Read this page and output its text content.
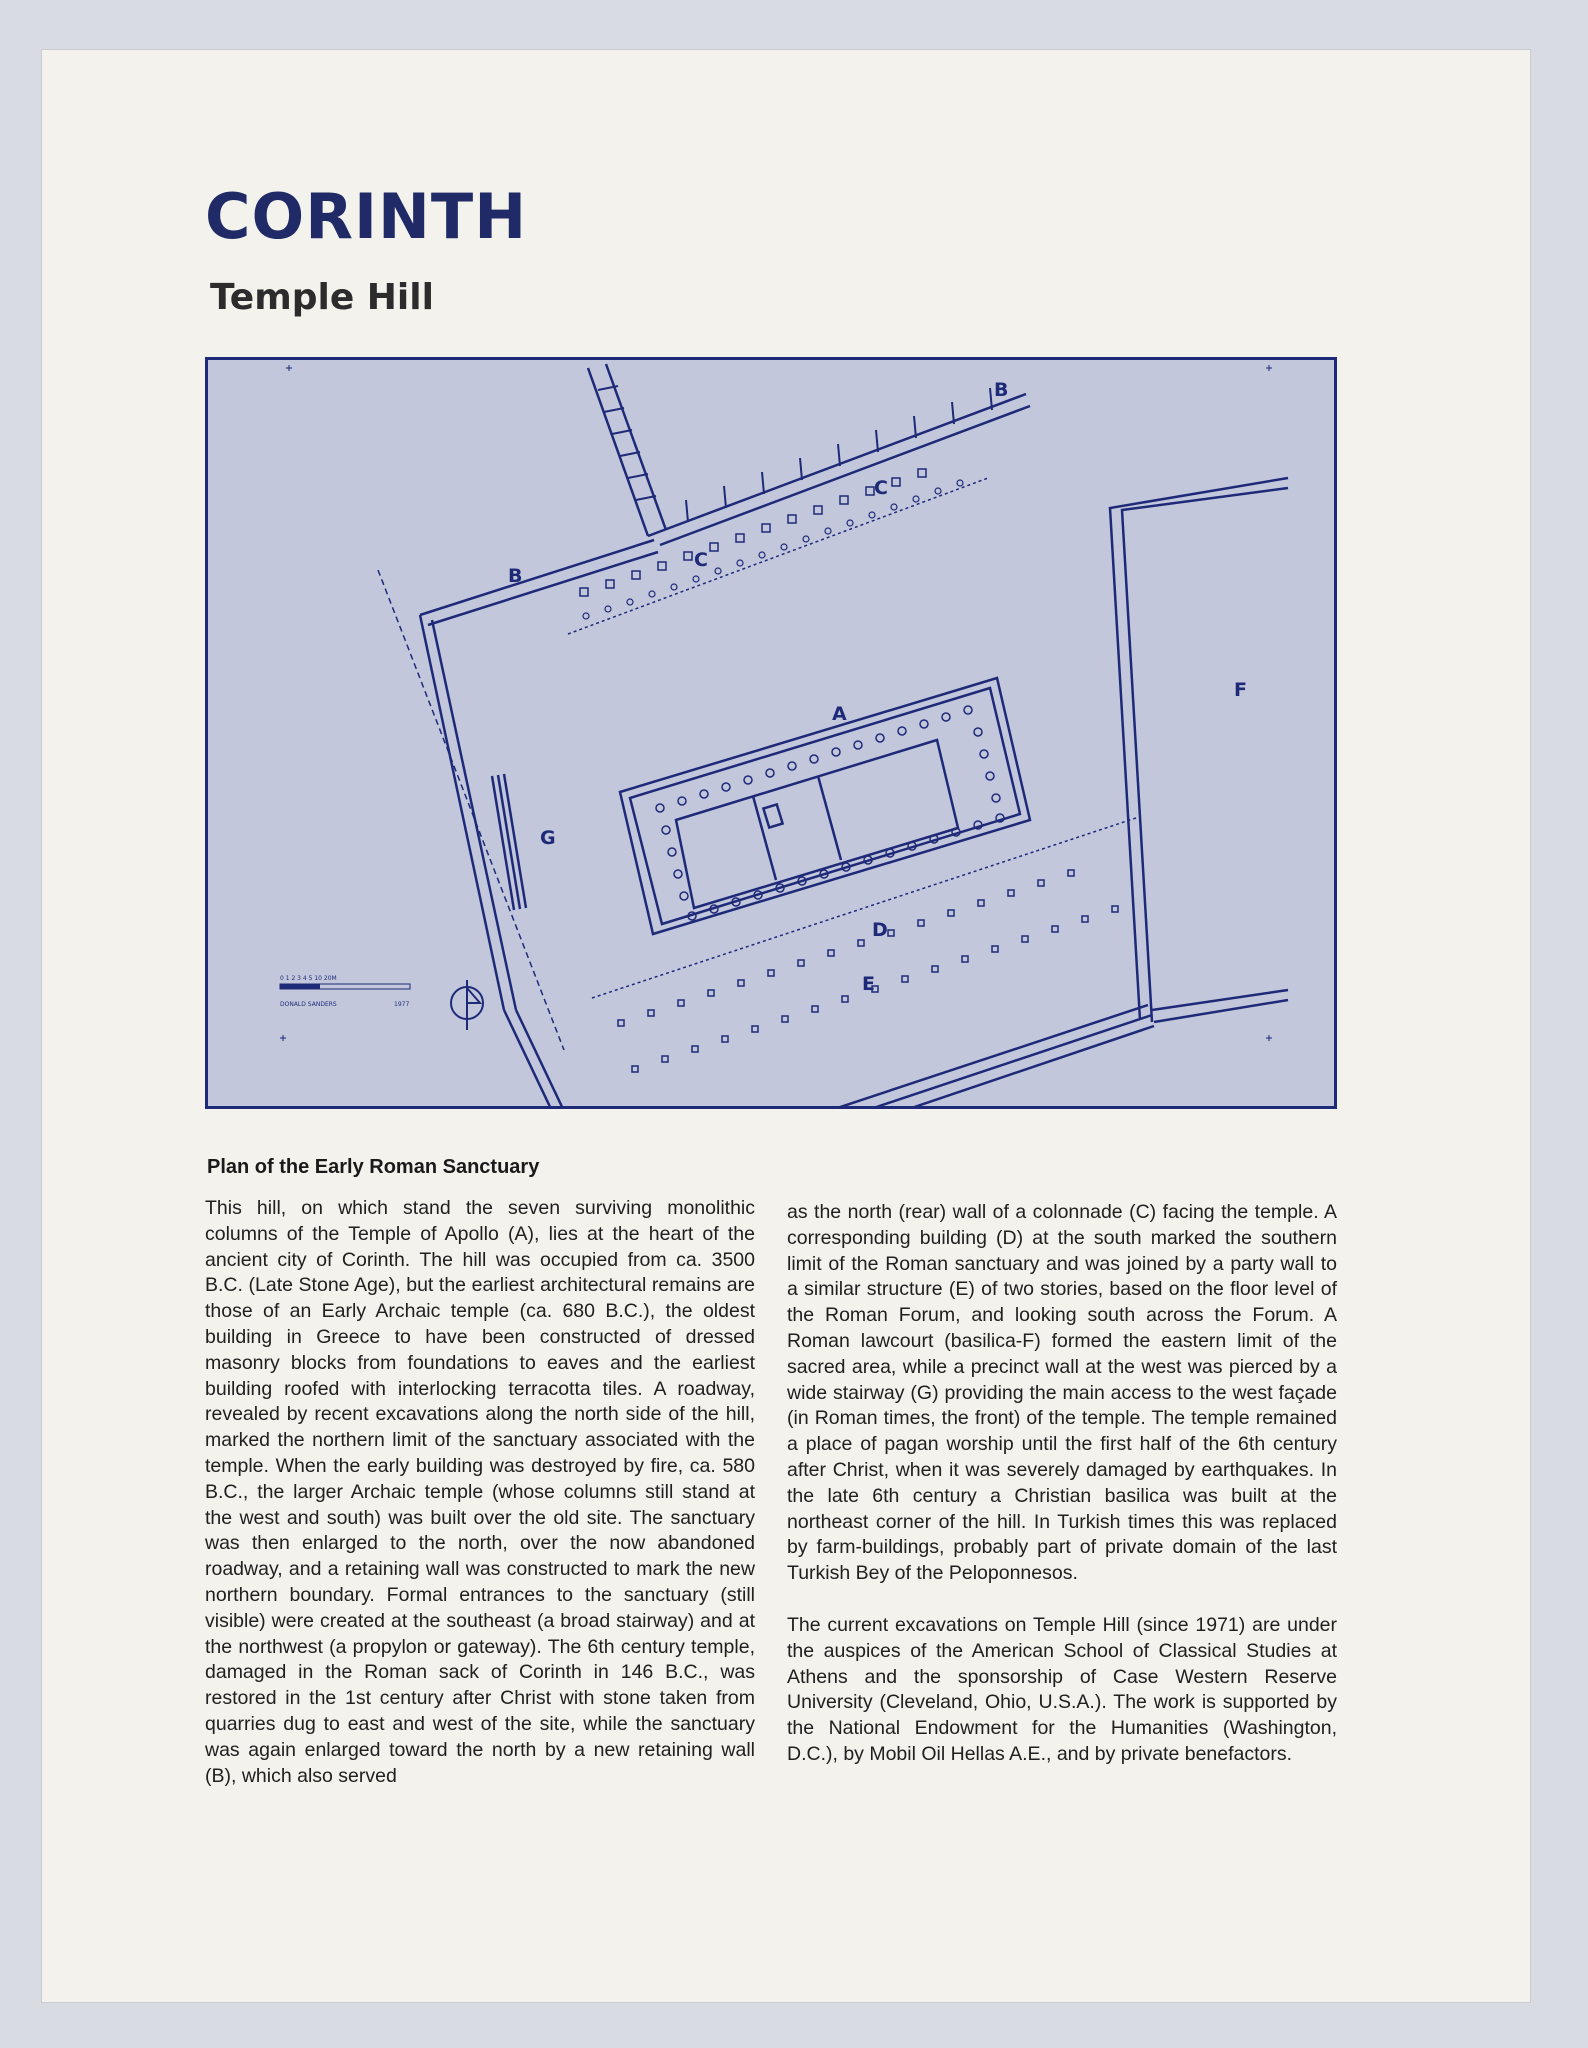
CORINTH
Temple Hill
B
B
C
C
A
F
G
D
E
0 1 2 3 4 5 10 20M
DONALD SANDERS	1977

Plan of the Early Roman Sanctuary

This hill, on which stand the seven surviving monolithic columns of the Temple of Apollo (A), lies at the heart of the ancient city of Corinth. The hill was occupied from ca. 3500 B.C. (Late Stone Age), but the earliest architectural remains are those of an Early Archaic temple (ca. 680 B.C.), the oldest building in Greece to have been constructed of dressed masonry blocks from foundations to eaves and the earliest building roofed with interlocking terracotta tiles. A roadway, revealed by recent excavations along the north side of the hill, marked the northern limit of the sanctuary associated with the temple. When the early building was destroyed by fire, ca. 580 B.C., the larger Archaic temple (whose columns still stand at the west and south) was built over the old site. The sanctuary was then enlarged to the north, over the now abandoned roadway, and a retaining wall was constructed to mark the new northern boundary. Formal entrances to the sanctuary (still visible) were created at the southeast (a broad stairway) and at the northwest (a propylon or gateway). The 6th century temple, damaged in the Roman sack of Corinth in 146 B.C., was restored in the 1st century after Christ with stone taken from quarries dug to east and west of the site, while the sanctuary was again enlarged toward the north by a new retaining wall (B), which also served

as the north (rear) wall of a colonnade (C) facing the temple. A corresponding building (D) at the south marked the southern limit of the Roman sanctuary and was joined by a party wall to a similar structure (E) of two stories, based on the floor level of the Roman Forum, and looking south across the Forum. A Roman lawcourt (basilica-F) formed the eastern limit of the sacred area, while a precinct wall at the west was pierced by a wide stairway (G) providing the main access to the west façade (in Roman times, the front) of the temple. The temple remained a place of pagan worship until the first half of the 6th century after Christ, when it was severely damaged by earthquakes. In the late 6th century a Christian basilica was built at the northeast corner of the hill. In Turkish times this was replaced by farm-buildings, probably part of private domain of the last Turkish Bey of the Peloponnesos.

The current excavations on Temple Hill (since 1971) are under the auspices of the American School of Classical Studies at Athens and the sponsorship of Case Western Reserve University (Cleveland, Ohio, U.S.A.). The work is supported by the National Endowment for the Humanities (Washington, D.C.), by Mobil Oil Hellas A.E., and by private benefactors.
